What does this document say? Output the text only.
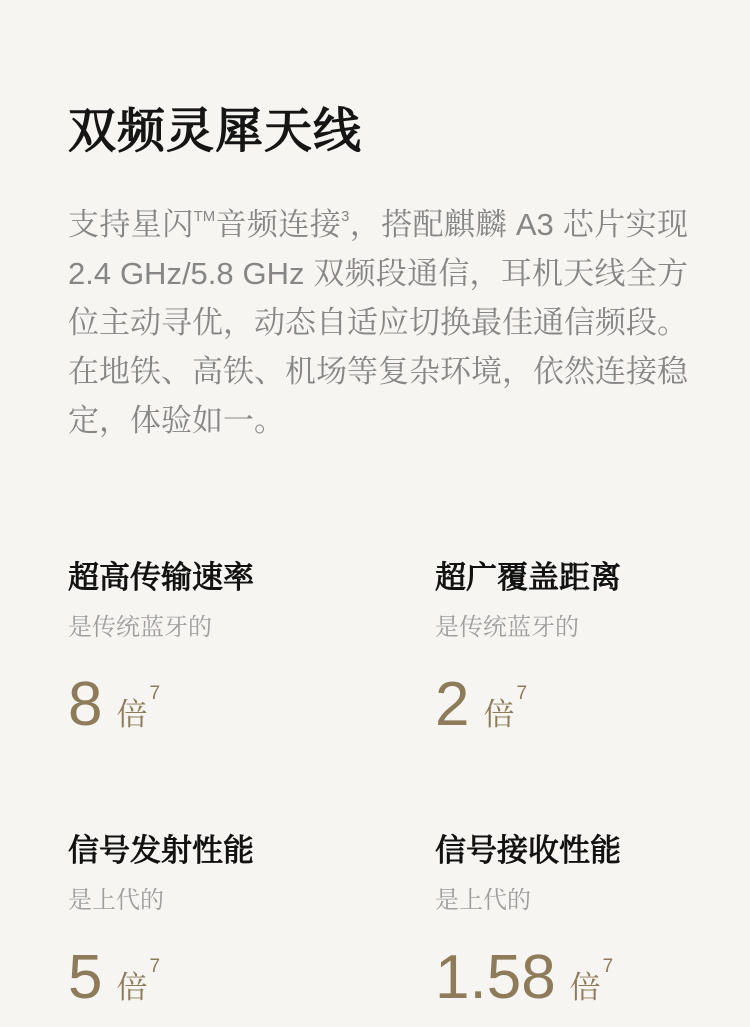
双频灵犀天线

支持星闪™音频连接$^3$，搭配麒麟 A3 芯片实现 2.4 GHz/5.8 GHz 双频段通信，耳机天线全方位主动寻优，动态自适应切换最佳通信频段。在地铁、高铁、机场等复杂环境，依然连接稳定，体验如一。

超高传输速率
是传统蓝牙的
8 倍7
超广覆盖距离
是传统蓝牙的
2 倍7
信号发射性能
是上代的
5 倍7
信号接收性能
是上代的
1.58 倍7
